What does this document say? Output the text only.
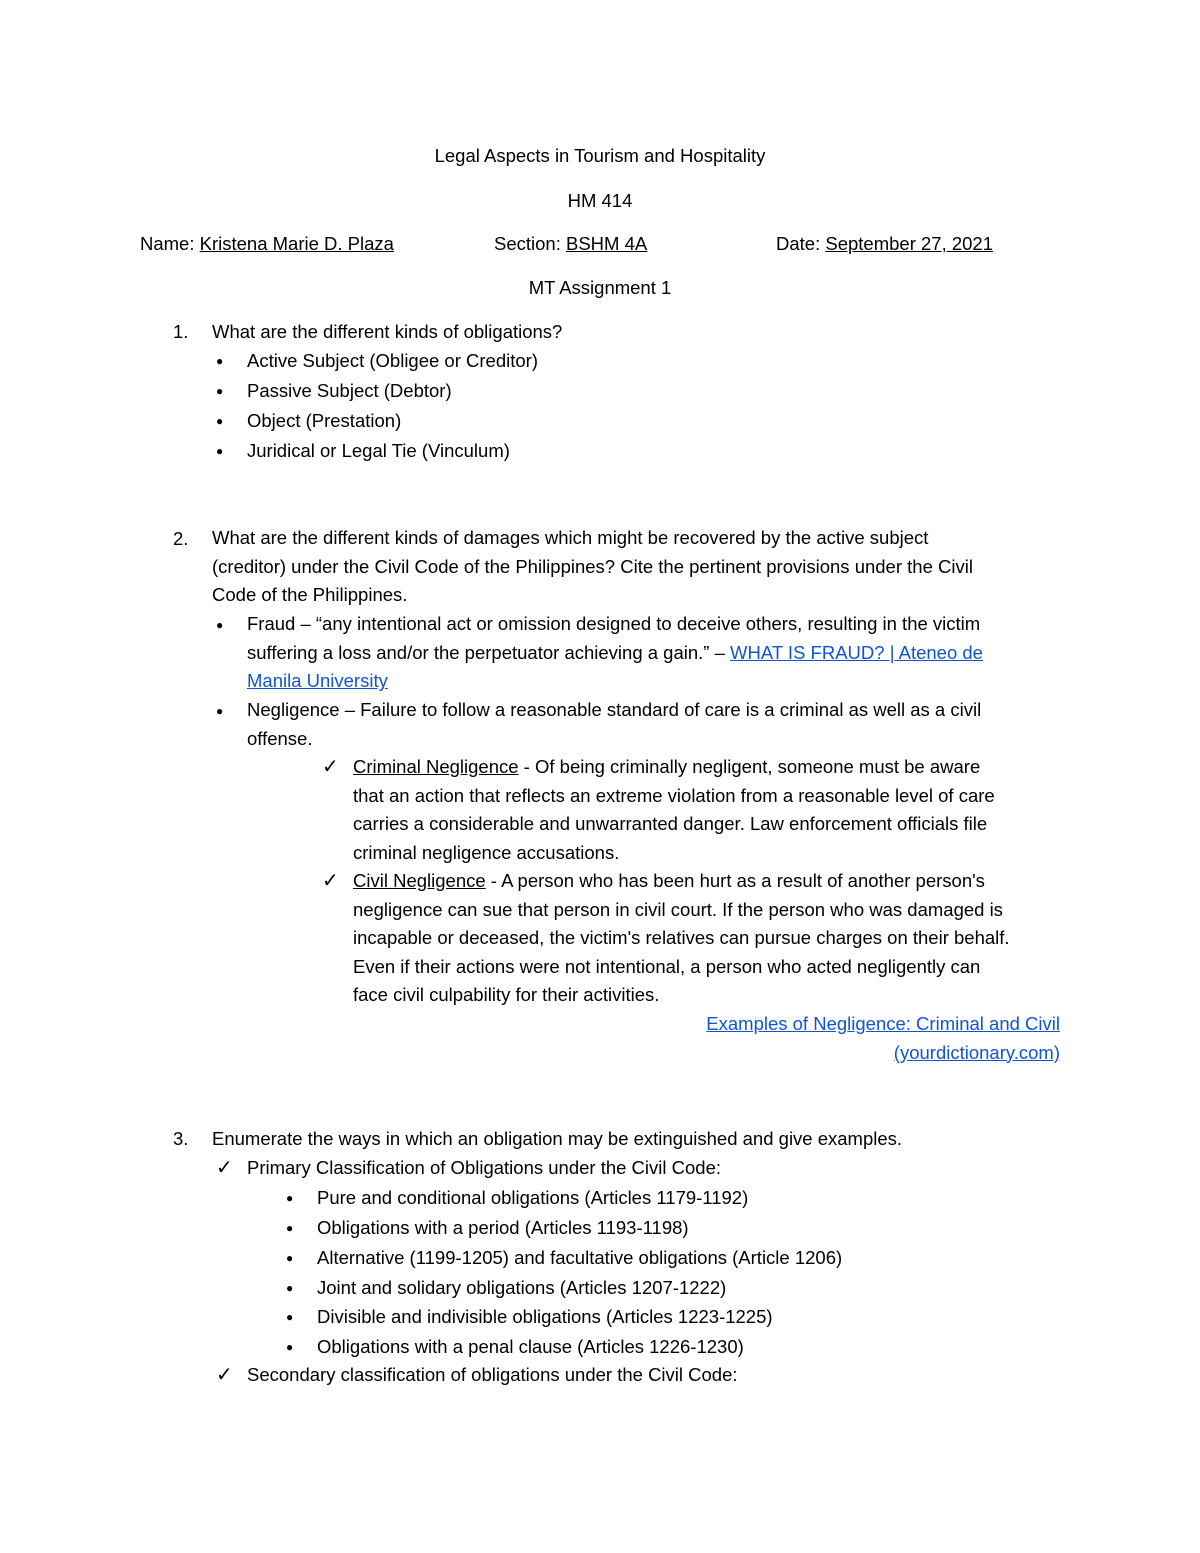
Legal Aspects in Tourism and Hospitality
HM 414
Name: Kristena Marie D. Plaza	Section: BSHM 4A	Date: September 27, 2021
MT Assignment 1
1. What are the different kinds of obligations?
● Active Subject (Obligee or Creditor)
● Passive Subject (Debtor)
● Object (Prestation)
● Juridical or Legal Tie (Vinculum)
2. What are the different kinds of damages which might be recovered by the active subject
(creditor) under the Civil Code of the Philippines? Cite the pertinent provisions under the Civil
Code of the Philippines.
● Fraud – “any intentional act or omission designed to deceive others, resulting in the victim
suffering a loss and/or the perpetuator achieving a gain.” – WHAT IS FRAUD? | Ateneo de
Manila University
● Negligence – Failure to follow a reasonable standard of care is a criminal as well as a civil
offense.
✓ Criminal Negligence - Of being criminally negligent, someone must be aware
that an action that reflects an extreme violation from a reasonable level of care
carries a considerable and unwarranted danger. Law enforcement officials file
criminal negligence accusations.
✓ Civil Negligence - A person who has been hurt as a result of another person's
negligence can sue that person in civil court. If the person who was damaged is
incapable or deceased, the victim's relatives can pursue charges on their behalf.
Even if their actions were not intentional, a person who acted negligently can
face civil culpability for their activities.
Examples of Negligence: Criminal and Civil
(yourdictionary.com)
3. Enumerate the ways in which an obligation may be extinguished and give examples.
✓ Primary Classification of Obligations under the Civil Code:
● Pure and conditional obligations (Articles 1179-1192)
● Obligations with a period (Articles 1193-1198)
● Alternative (1199-1205) and facultative obligations (Article 1206)
● Joint and solidary obligations (Articles 1207-1222)
● Divisible and indivisible obligations (Articles 1223-1225)
● Obligations with a penal clause (Articles 1226-1230)
✓ Secondary classification of obligations under the Civil Code:
